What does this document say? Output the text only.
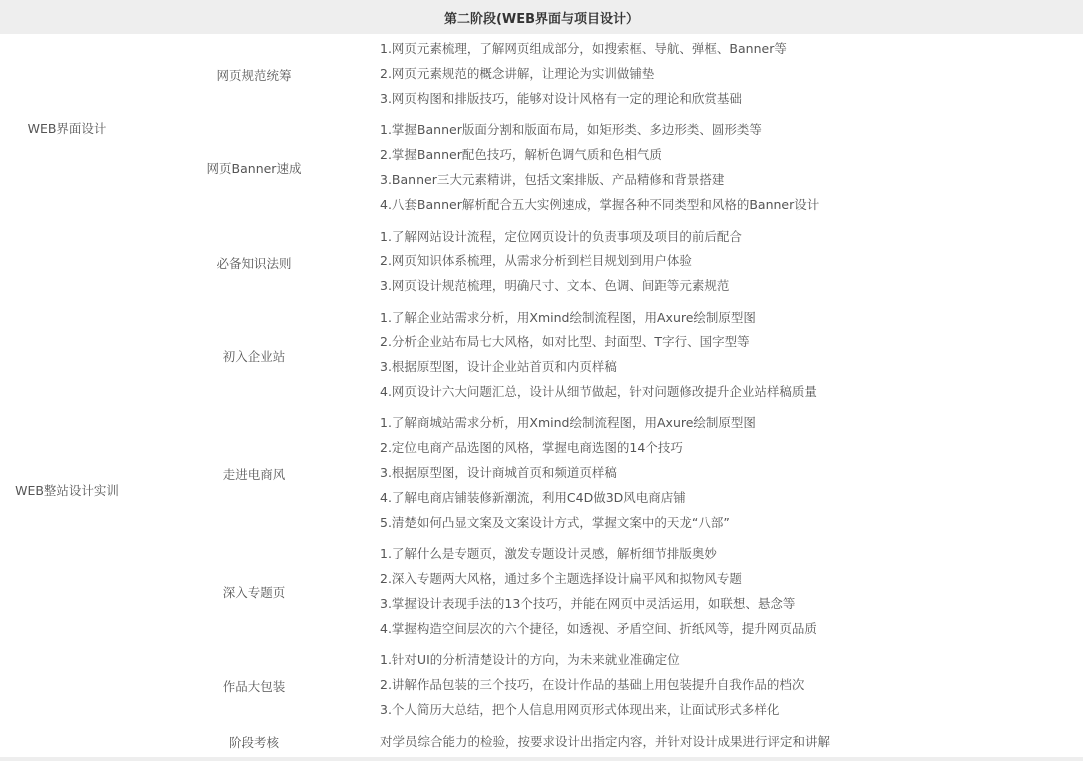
第二阶段(WEB界面与项目设计）
WEB界面设计
WEB整站设计实训
网页规范统筹
网页Banner速成
必备知识法则
初入企业站
走进电商风
深入专题页
作品大包装
阶段考核
1.网页元素梳理，了解网页组成部分，如搜索框、导航、弹框、Banner等
2.网页元素规范的概念讲解，让理论为实训做铺垫
3.网页构图和排版技巧，能够对设计风格有一定的理论和欣赏基础
1.掌握Banner版面分割和版面布局，如矩形类、多边形类、圆形类等
2.掌握Banner配色技巧，解析色调气质和色相气质
3.Banner三大元素精讲，包括文案排版、产品精修和背景搭建
4.八套Banner解析配合五大实例速成，掌握各种不同类型和风格的Banner设计
1.了解网站设计流程，定位网页设计的负责事项及项目的前后配合
2.网页知识体系梳理，从需求分析到栏目规划到用户体验
3.网页设计规范梳理，明确尺寸、文本、色调、间距等元素规范
1.了解企业站需求分析，用Xmind绘制流程图，用Axure绘制原型图
2.分析企业站布局七大风格，如对比型、封面型、T字行、国字型等
3.根据原型图，设计企业站首页和内页样稿
4.网页设计六大问题汇总，设计从细节做起，针对问题修改提升企业站样稿质量
1.了解商城站需求分析，用Xmind绘制流程图，用Axure绘制原型图
2.定位电商产品选图的风格，掌握电商选图的14个技巧
3.根据原型图，设计商城首页和频道页样稿
4.了解电商店铺装修新潮流，利用C4D做3D风电商店铺
5.清楚如何凸显文案及文案设计方式，掌握文案中的天龙“八部”
1.了解什么是专题页，激发专题设计灵感，解析细节排版奥妙
2.深入专题两大风格，通过多个主题选择设计扁平风和拟物风专题
3.掌握设计表现手法的13个技巧，并能在网页中灵活运用，如联想、悬念等
4.掌握构造空间层次的六个捷径，如透视、矛盾空间、折纸风等，提升网页品质
1.针对UI的分析清楚设计的方向，为未来就业准确定位
2.讲解作品包装的三个技巧，在设计作品的基础上用包装提升自我作品的档次
3.个人简历大总结，把个人信息用网页形式体现出来，让面试形式多样化
对学员综合能力的检验，按要求设计出指定内容，并针对设计成果进行评定和讲解
